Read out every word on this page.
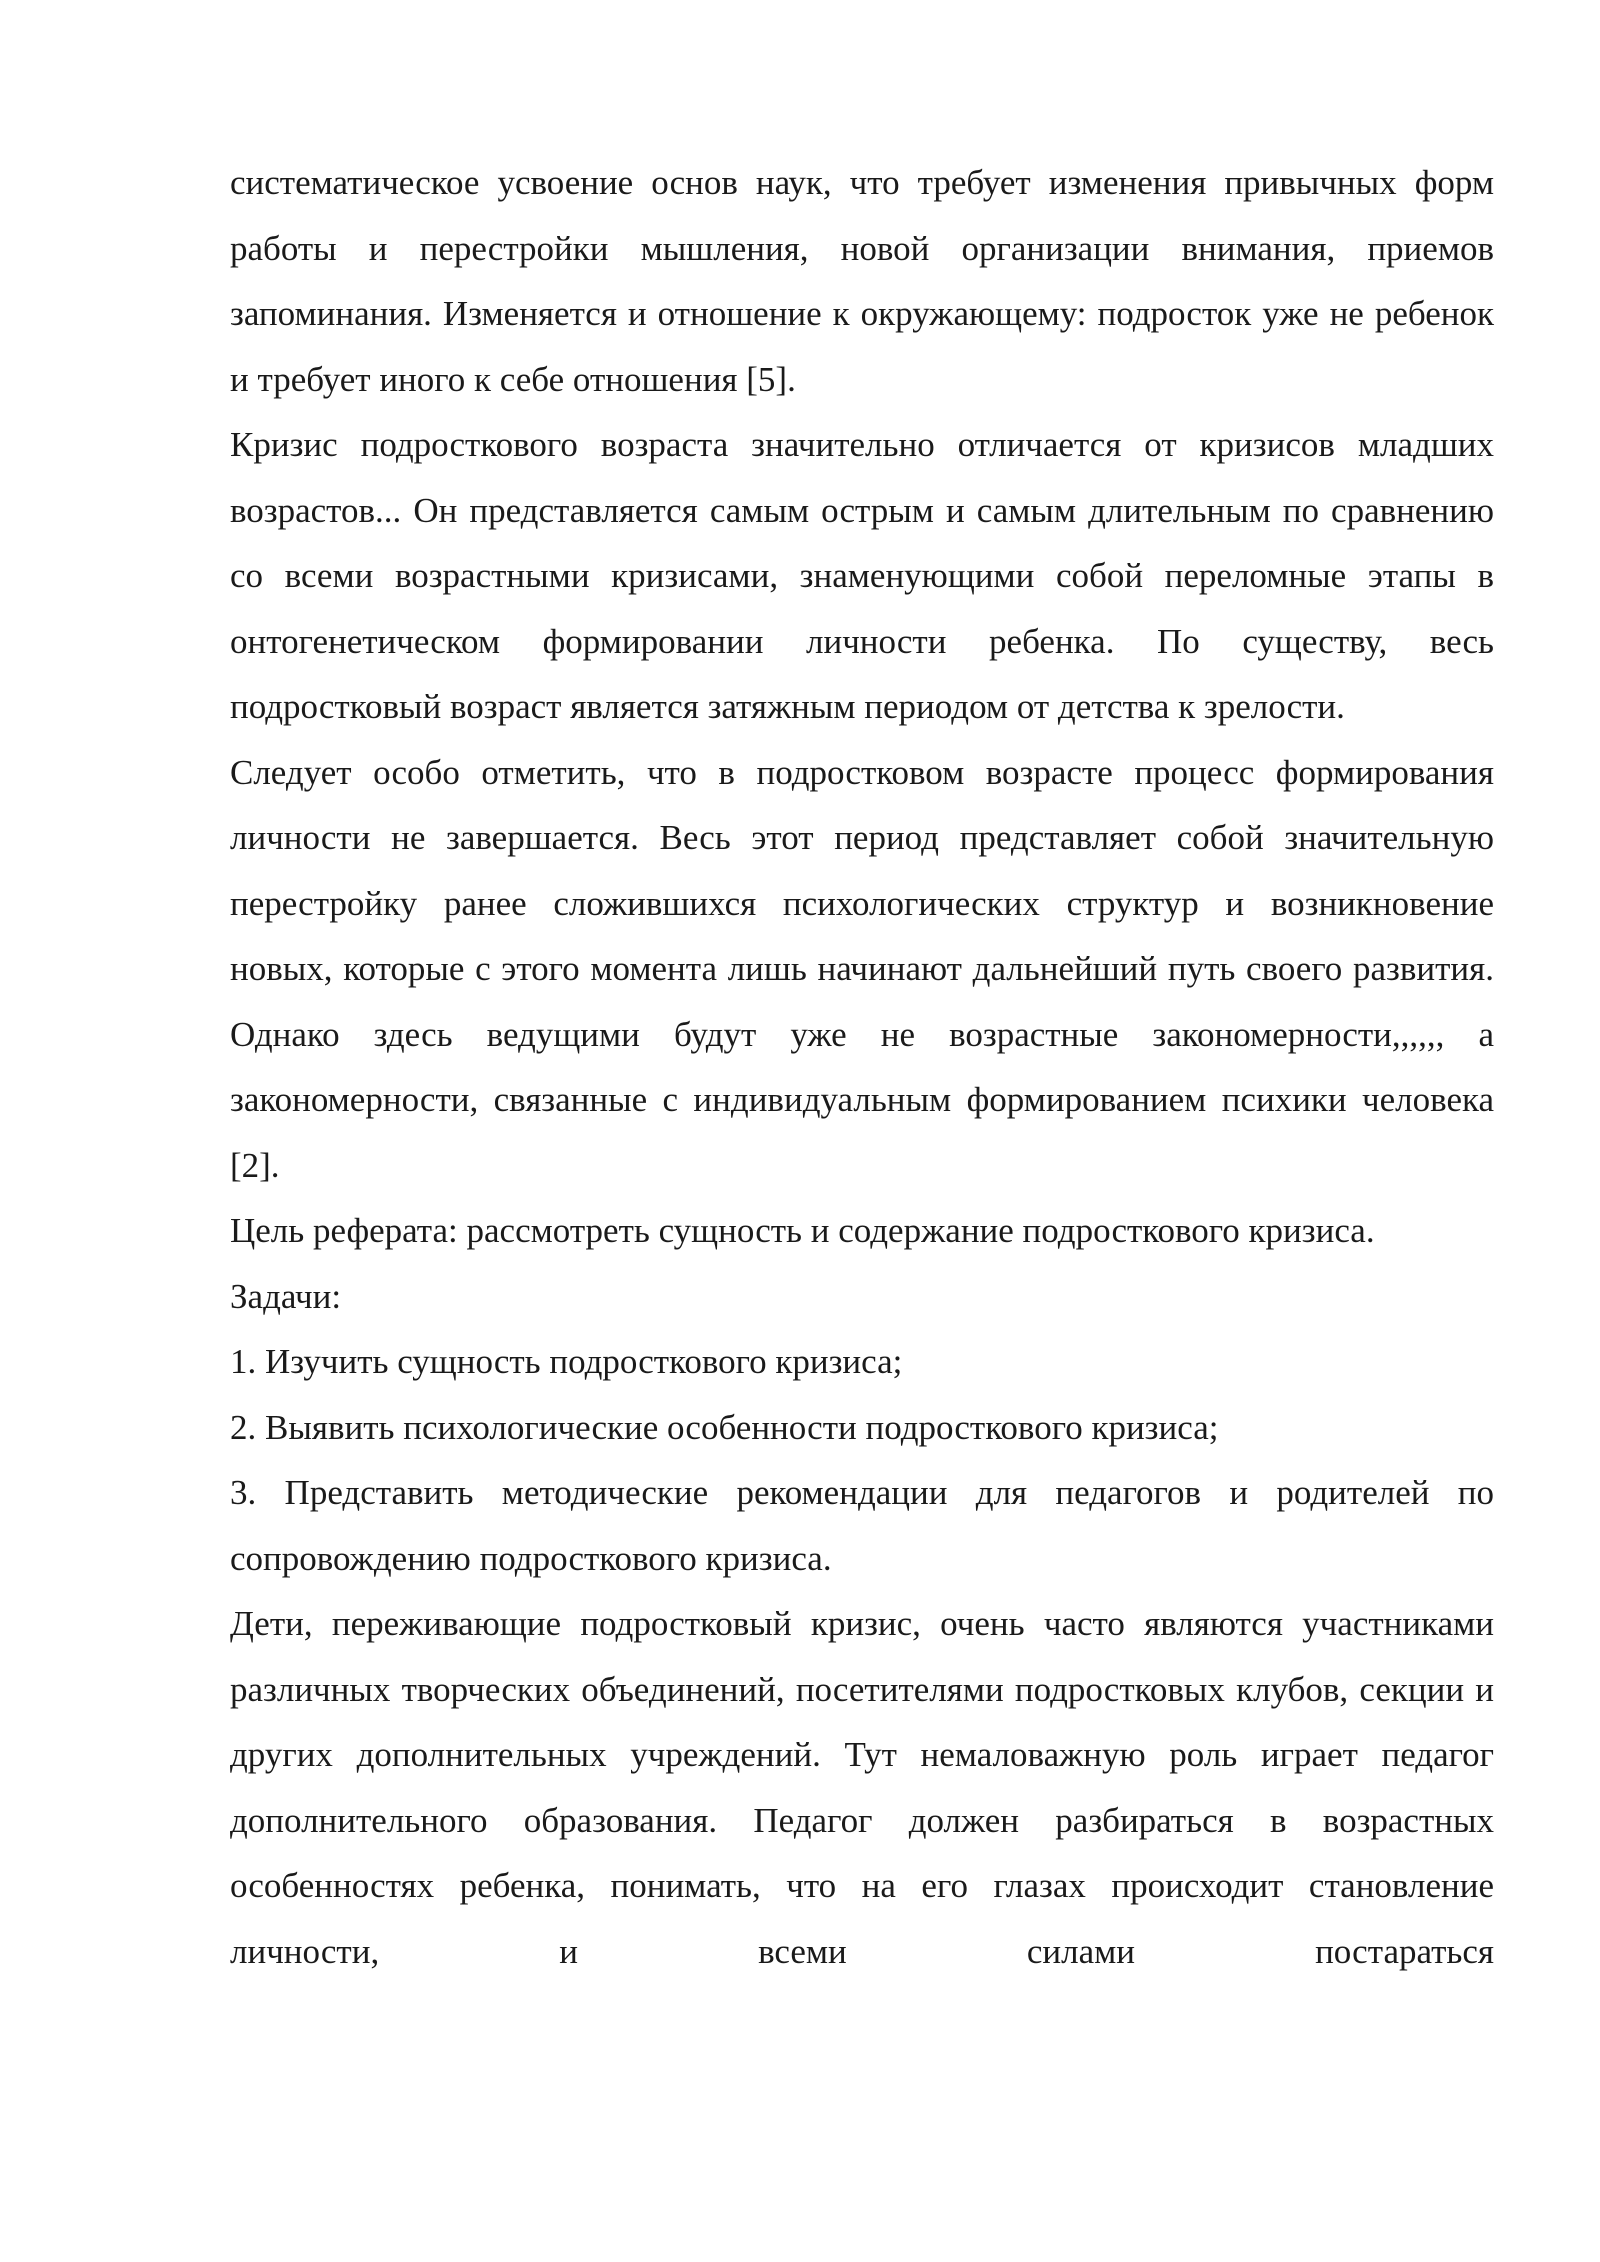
систематическое усвоение основ наук, что требует изменения привычных форм работы и перестройки мышления, новой организации внимания, приемов запоминания. Изменяется и отношение к окружающему: подросток уже не ребенок и требует иного к себе отношения [5].

Кризис подросткового возраста значительно отличается от кризисов младших возрастов... Он представляется самым острым и самым длительным по сравнению со всеми возрастными кризисами, знаменующими собой переломные этапы в онтогенетическом формировании личности ребенка. По существу, весь подростковый возраст является затяжным периодом от детства к зрелости.

Следует особо отметить, что в подростковом возрасте процесс формирования личности не завершается. Весь этот период представляет собой значительную перестройку ранее сложившихся психологических структур и возникновение новых, которые с этого момента лишь начинают дальнейший путь своего развития. Однако здесь ведущими будут уже не возрастные закономерности,,,,,, а закономерности, связанные с индивидуальным формированием психики человека [2].

Цель реферата: рассмотреть сущность и содержание подросткового кризиса.

Задачи:

1. Изучить сущность подросткового кризиса;

2. Выявить психологические особенности подросткового кризиса;

3. Представить методические рекомендации для педагогов и родителей по сопровождению подросткового кризиса.

Дети, переживающие подростковый кризис, очень часто являются участниками различных творческих объединений, посетителями подростковых клубов, секции и других дополнительных учреждений. Тут немаловажную роль играет педагог дополнительного образования. Педагог должен разбираться в возрастных особенностях ребенка, понимать, что на его глазах происходит становление личности, и всеми силами постараться
